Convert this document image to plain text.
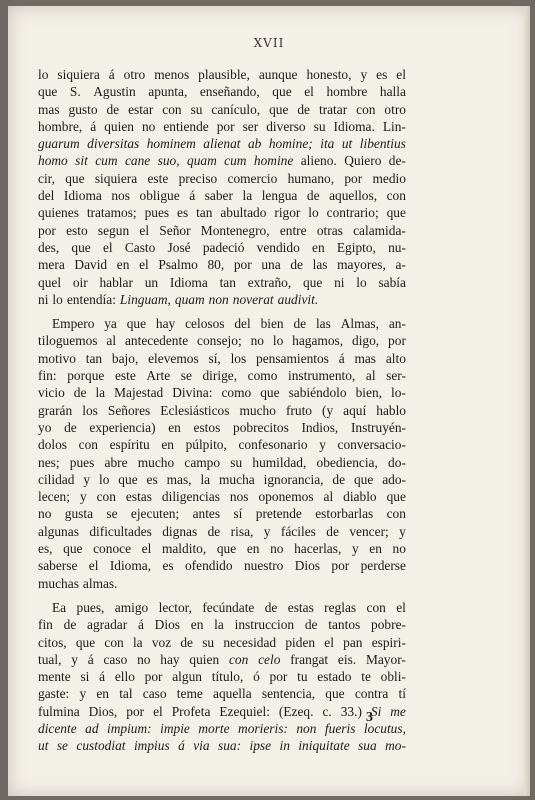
XVII
lo siquiera á otro menos plausible, aunque honesto, y es el
que S. Agustin apunta, enseñando, que el hombre halla
mas gusto de estar con su canículo, que de tratar con otro
hombre, á quien no entiende por ser diverso su Idioma. Lin-
guarum diversitas hominem alienat ab homine; ita ut libentius
homo sit cum cane suo, quam cum homine alieno. Quiero de-
cir, que siquiera este preciso comercio humano, por medio
del Idioma nos obligue á saber la lengua de aquellos, con
quienes tratamos; pues es tan abultado rigor lo contrario; que
por esto segun el Señor Montenegro, entre otras calamida-
des, que el Casto José padeció vendido en Egipto, nu-
mera David en el Psalmo 80, por una de las mayores, a-
quel oir hablar un Idioma tan extraño, que ni lo sabía
ni lo entendía: Linguam, quam non noverat audivit.
Empero ya que hay celosos del bien de las Almas, an-
tiloguemos al antecedente consejo; no lo hagamos, digo, por
motivo tan bajo, elevemos sí, los pensamientos á mas alto
fin: porque este Arte se dirige, como instrumento, al ser-
vicio de la Majestad Divina: como que sabiéndolo bien, lo-
grarán los Señores Eclesiásticos mucho fruto (y aquí hablo
yo de experiencia) en estos pobrecitos Indios, Instruyén-
dolos con espíritu en púlpito, confesonario y conversacio-
nes; pues abre mucho campo su humildad, obediencia, do-
cilidad y lo que es mas, la mucha ignorancia, de que ado-
lecen; y con estas diligencias nos oponemos al diablo que
no gusta se ejecuten; antes sí pretende estorbarlas con
algunas dificultades dignas de risa, y fáciles de vencer; y
es, que conoce el maldito, que en no hacerlas, y en no
saberse el Idioma, es ofendido nuestro Dios por perderse
muchas almas.
Ea pues, amigo lector, fecúndate de estas reglas con el
fin de agradar á Dios en la instruccion de tantos pobre-
citos, que con la voz de su necesidad piden el pan espiri-
tual, y á caso no hay quien con celo frangat eis. Mayor-
mente si á ello por algun título, ó por tu estado te obli-
gaste: y en tal caso teme aquella sentencia, que contra tí
fulmina Dios, por el Profeta Ezequiel: (Ezeq. c. 33.) Si me
dicente ad impium: impie morte morieris: non fueris locutus,
ut se custodiat impius á via sua: ipse in iniquitate sua mo-
3
